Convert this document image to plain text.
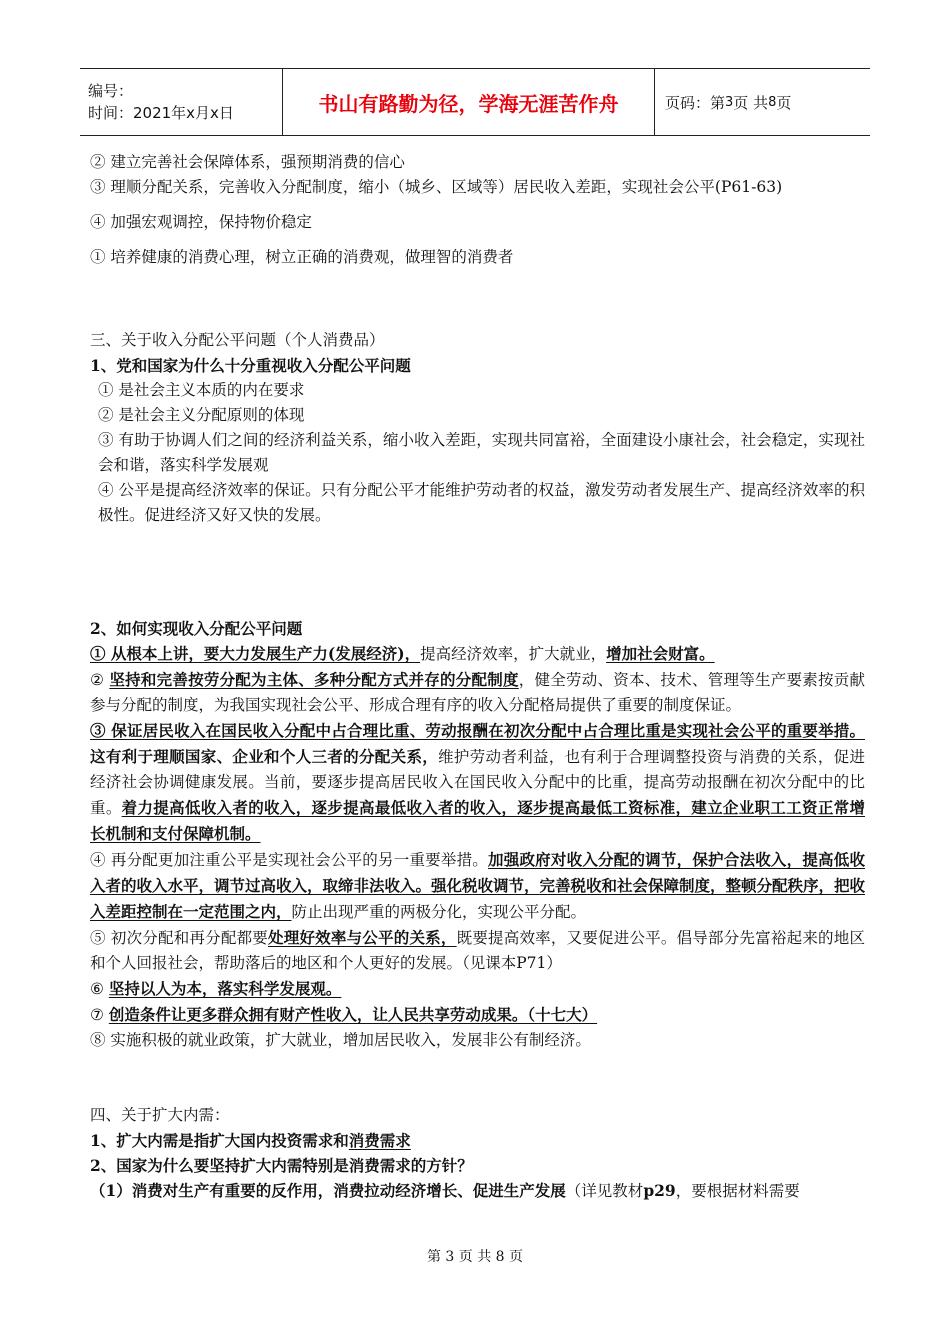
编号：
时间：2021年x月x日	书山有路勤为径，学海无涯苦作舟	页码：第 3 页 共 8 页

② 建立完善社会保障体系，强预期消费的信心

③ 理顺分配关系，完善收入分配制度，缩小（城乡、区域等）居民收入差距，实现社会公平(P61-63)

④ 加强宏观调控，保持物价稳定

① 培养健康的消费心理，树立正确的消费观，做理智的消费者

三、关于收入分配公平问题（个人消费品）

1、党和国家为什么十分重视收入分配公平问题

① 是社会主义本质的内在要求

② 是社会主义分配原则的体现

③ 有助于协调人们之间的经济利益关系，缩小收入差距，实现共同富裕，全面建设小康社会，社会稳定，实现社会和谐，落实科学发展观

④ 公平是提高经济效率的保证。只有分配公平才能维护劳动者的权益，激发劳动者发展生产、提高经济效率的积极性。促进经济又好又快的发展。

2、如何实现收入分配公平问题

① 从根本上讲，要大力发展生产力(发展经济)，提高经济效率，扩大就业，增加社会财富。

② 坚持和完善按劳分配为主体、多种分配方式并存的分配制度，健全劳动、资本、技术、管理等生产要素按贡献参与分配的制度，为我国实现社会公平、形成合理有序的收入分配格局提供了重要的制度保证。

③ 保证居民收入在国民收入分配中占合理比重、劳动报酬在初次分配中占合理比重是实现社会公平的重要举措。这有利于理顺国家、企业和个人三者的分配关系，维护劳动者利益，也有利于合理调整投资与消费的关系，促进经济社会协调健康发展。当前，要逐步提高居民收入在国民收入分配中的比重，提高劳动报酬在初次分配中的比重。着力提高低收入者的收入，逐步提高最低收入者的收入，逐步提高最低工资标准，建立企业职工工资正常增长机制和支付保障机制。

④ 再分配更加注重公平是实现社会公平的另一重要举措。加强政府对收入分配的调节，保护合法收入，提高低收入者的收入水平，调节过高收入，取缔非法收入。强化税收调节，完善税收和社会保障制度，整顿分配秩序，把收入差距控制在一定范围之内，防止出现严重的两极分化，实现公平分配。

⑤ 初次分配和再分配都要处理好效率与公平的关系，既要提高效率，又要促进公平。倡导部分先富裕起来的地区和个人回报社会，帮助落后的地区和个人更好的发展。（见课本P71）

⑥ 坚持以人为本，落实科学发展观。

⑦ 创造条件让更多群众拥有财产性收入，让人民共享劳动成果。（十七大）

⑧ 实施积极的就业政策，扩大就业，增加居民收入，发展非公有制经济。

四、关于扩大内需：

1、扩大内需是指扩大国内投资需求和消费需求

2、国家为什么要坚持扩大内需特别是消费需求的方针？

（1）消费对生产有重要的反作用，消费拉动经济增长、促进生产发展（详见教材p29，要根据材料需要

第 3 页 共 8 页
